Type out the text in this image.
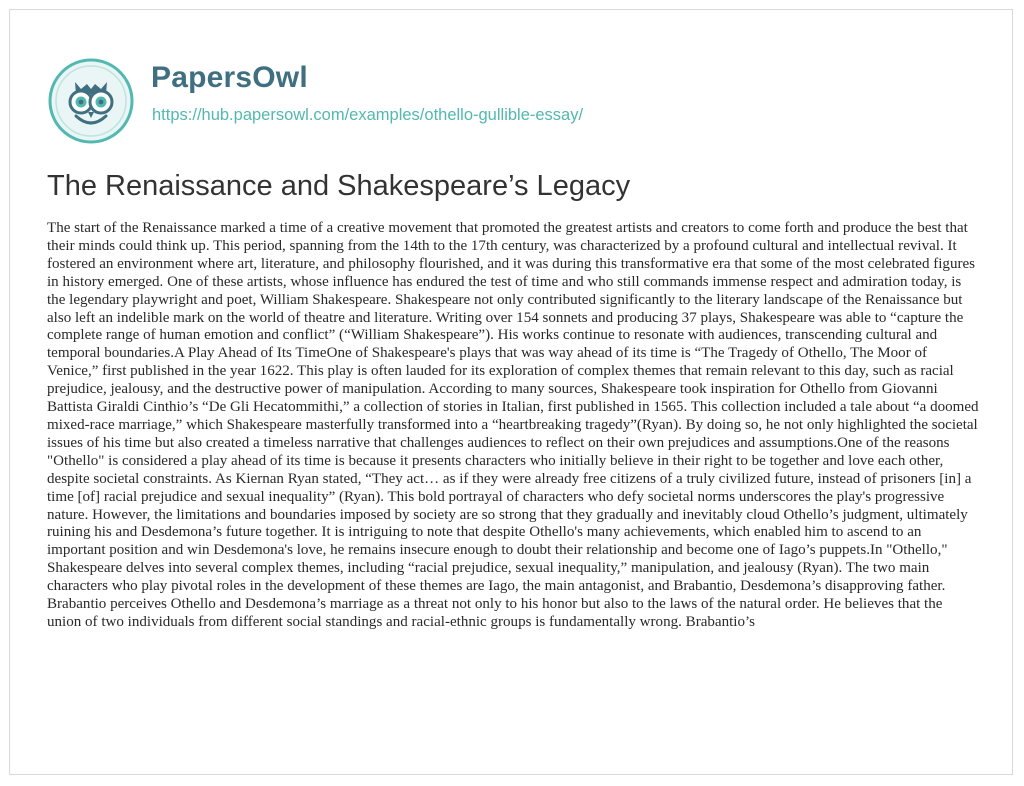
PapersOwl
https://hub.papersowl.com/examples/othello-gullible-essay/
The Renaissance and Shakespeare’s Legacy

The start of the Renaissance marked a time of a creative movement that promoted the greatest artists and creators to come forth and produce the best that their minds could think up. This period, spanning from the 14th to the 17th century, was characterized by a profound cultural and intellectual revival. It fostered an environment where art, literature, and philosophy flourished, and it was during this transformative era that some of the most celebrated figures in history emerged. One of these artists, whose influence has endured the test of time and who still commands immense respect and admiration today, is the legendary playwright and poet, William Shakespeare. Shakespeare not only contributed significantly to the literary landscape of the Renaissance but also left an indelible mark on the world of theatre and literature. Writing over 154 sonnets and producing 37 plays, Shakespeare was able to “capture the complete range of human emotion and conflict” (“William Shakespeare”). His works continue to resonate with audiences, transcending cultural and temporal boundaries.A Play Ahead of Its TimeOne of Shakespeare's plays that was way ahead of its time is “The Tragedy of Othello, The Moor of Venice,” first published in the year 1622. This play is often lauded for its exploration of complex themes that remain relevant to this day, such as racial prejudice, jealousy, and the destructive power of manipulation. According to many sources, Shakespeare took inspiration for Othello from Giovanni Battista Giraldi Cinthio’s “De Gli Hecatommithi,” a collection of stories in Italian, first published in 1565. This collection included a tale about “a doomed mixed-race marriage,” which Shakespeare masterfully transformed into a “heartbreaking tragedy”(Ryan). By doing so, he not only highlighted the societal issues of his time but also created a timeless narrative that challenges audiences to reflect on their own prejudices and assumptions.One of the reasons "Othello" is considered a play ahead of its time is because it presents characters who initially believe in their right to be together and love each other, despite societal constraints. As Kiernan Ryan stated, “They act… as if they were already free citizens of a truly civilized future, instead of prisoners [in] a time [of] racial prejudice and sexual inequality” (Ryan). This bold portrayal of characters who defy societal norms underscores the play's progressive nature. However, the limitations and boundaries imposed by society are so strong that they gradually and inevitably cloud Othello’s judgment, ultimately ruining his and Desdemona’s future together. It is intriguing to note that despite Othello's many achievements, which enabled him to ascend to an important position and win Desdemona's love, he remains insecure enough to doubt their relationship and become one of Iago’s puppets.In "Othello," Shakespeare delves into several complex themes, including “racial prejudice, sexual inequality,” manipulation, and jealousy (Ryan). The two main characters who play pivotal roles in the development of these themes are Iago, the main antagonist, and Brabantio, Desdemona’s disapproving father. Brabantio perceives Othello and Desdemona’s marriage as a threat not only to his honor but also to the laws of the natural order. He believes that the union of two individuals from different social standings and racial-ethnic groups is fundamentally wrong. Brabantio’s
